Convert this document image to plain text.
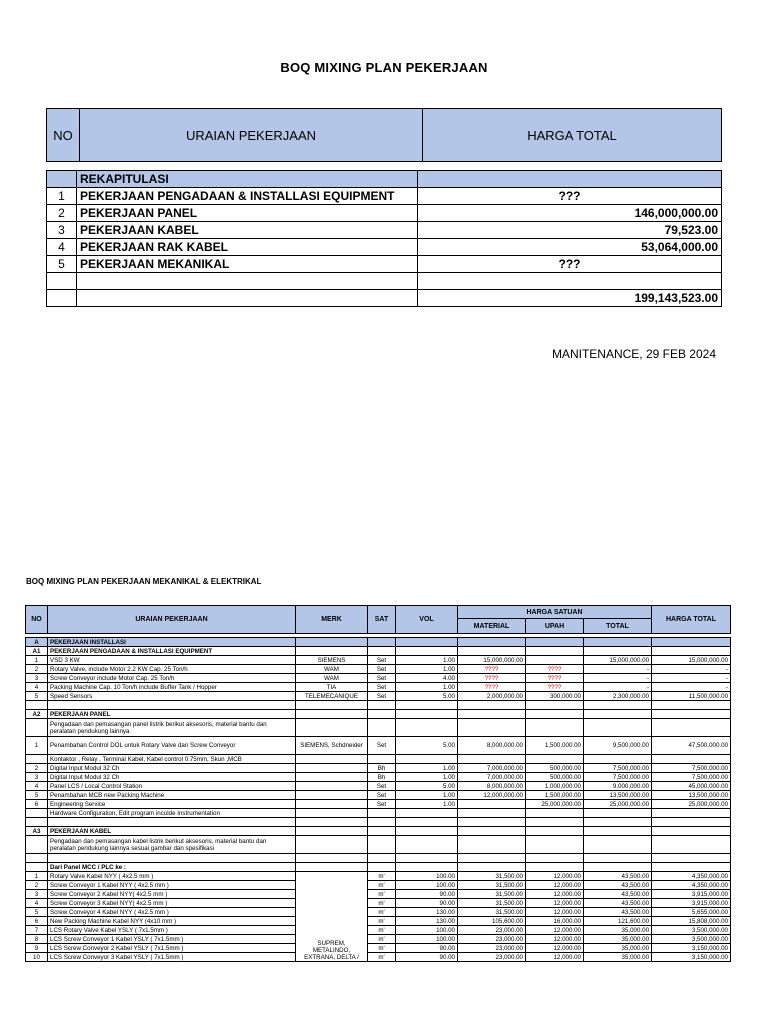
BOQ MIXING PLAN PEKERJAAN
NO	URAIAN PEKERJAAN	HARGA TOTAL
	REKAPITULASI	
1	PEKERJAAN PENGADAAN & INSTALLASI EQUIPMENT	???
2	PEKERJAAN PANEL	146,000,000.00
3	PEKERJAAN KABEL	79,523.00
4	PEKERJAAN RAK KABEL	53,064,000.00
5	PEKERJAAN MEKANIKAL	???

		199,143,523.00
MANITENANCE, 29 FEB 2024
BOQ MIXING PLAN PEKERJAAN MEKANIKAL & ELEKTRIKAL
NO	URAIAN PEKERJAAN	MERK	SAT	VOL	HARGA SATUAN			HARGA TOTAL
					MATERIAL	UPAH	TOTAL	

A	PEKERJAAN INSTALLASI							
A1	PEKERJAAN PENGADAAN & INSTALLASI EQUIPMENT							
1	VSD 3 KW	SIEMENS	Set	1.00	15,000,000.00		15,000,000.00	15,000,000.00
2	Rotary Valve, include Motor 2.2 KW Cap. 25 Ton/h	WAM	Set	1.00	????	????	-	-
3	Screw Conveyor include Motor Cap. 25 Ton/h	WAM	Set	4.00	????	????	-	-
4	Packing Machine Cap. 10 Ton/h include Buffer Tank / Hopper	TIA	Set	1.00	????	????	-	-
5	Speed Sensors	TELEMECANIQUE	Set	5.00	2,000,000.00	300,000.00	2,300,000.00	11,500,000.00

A2	PEKERJAAN PANEL							
	Pengadaan dan pemasangan panel listrik berikut aksesoris, material bantu dan peralatan pendukung lainnya							
1	Penambahan Control DOL untuk Rotary Valve dan Screw Conveyor	SIEMENS, Schdneider	Set	5.00	8,000,000.00	1,500,000.00	9,500,000.00	47,500,000.00
	Kontaktor , Relay , Terminal Kabel, Kabel control 0.75mm, Skun ,MCB							
2	Digital Input Modul 32 Ch		Bh	1.00	7,000,000.00	500,000.00	7,500,000.00	7,500,000.00
3	Digital Input Modul 32 Ch		Bh	1.00	7,000,000.00	500,000.00	7,500,000.00	7,500,000.00
4	Panel LCS / Local Control Station		Set	5.00	8,000,000.00	1,000,000.00	9,000,000.00	45,000,000.00
5	Penambahan MCB new Packing Machine		Set	1.00	12,000,000.00	1,500,000.00	13,500,000.00	13,500,000.00
6	Engineering Service		Set	1.00		25,000,000.00	25,000,000.00	25,000,000.00
	Hardware Configuration, Edit program inculde Instrumentation							

A3	PEKERJAAN KABEL							
	Pengadaan dan pemasangan kabel listrik berikut aksesoris, material bantu dan peralatan pendukung lainnya sesuai gambar dan spesifikasi							

	Dari Panel MCC / PLC ke :							
1	Rotary Valve Kabel NYY ( 4x2.5 mm )	SUPREM, METALINDO, EXTRANA, DELTA /	m'	100.00	31,500.00	12,000.00	43,500.00	4,350,000.00
2	Screw Conveyor 1 Kabel NYY ( 4x2.5 mm )		m'	100.00	31,500.00	12,000.00	43,500.00	4,350,000.00
3	Screw Conveyor 2 Kabel NYY( 4x2.5 mm )		m'	90.00	31,500.00	12,000.00	43,500.00	3,915,000.00
4	Screw Conveyor 3 Kabel NYY( 4x2.5 mm )		m'	90.00	31,500.00	12,000.00	43,500.00	3,915,000.00
5	Screw Conveyor 4 Kabel NYY ( 4x2.5 mm )		m'	130.00	31,500.00	12,000.00	43,500.00	5,655,000.00
6	New Packing Machine Kabel NYY (4x10 mm )		m'	130.00	105,600.00	16,000.00	121,600.00	15,808,000.00
7	LCS Rotary Valve Kabel YSLY ( 7x1.5mm )		m'	100.00	23,000.00	12,000.00	35,000.00	3,500,000.00
8	LCS Screw Conveyor 1 Kabel YSLY ( 7x1.5mm )		m'	100.00	23,000.00	12,000.00	35,000.00	3,500,000.00
9	LCS Screw Conveyor 2 Kabel YSLY ( 7x1.5mm )		m'	90.00	23,000.00	12,000.00	35,000.00	3,150,000.00
10	LCS Screw Conveyor 3 Kabel YSLY ( 7x1.5mm )		m'	90.00	23,000.00	12,000.00	35,000.00	3,150,000.00
